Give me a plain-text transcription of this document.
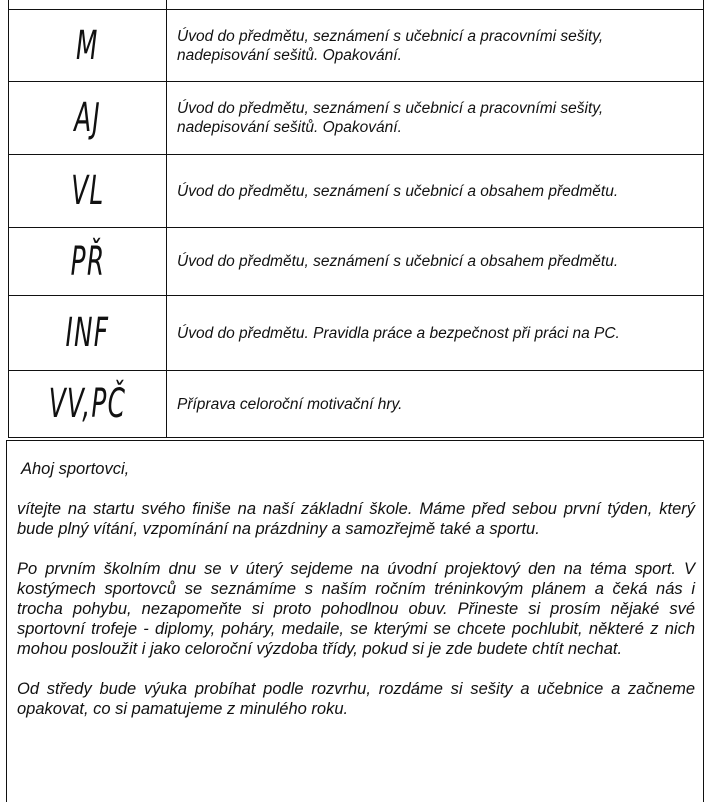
M	Úvod do předmětu, seznámení s učebnicí a pracovními sešity, nadepisování sešitů. Opakování.
AJ	Úvod do předmětu, seznámení s učebnicí a pracovními sešity, nadepisování sešitů. Opakování.
VL	Úvod do předmětu, seznámení s učebnicí a obsahem předmětu.
PŘ	Úvod do předmětu, seznámení s učebnicí a obsahem předmětu.
INF	Úvod do předmětu. Pravidla práce a bezpečnost při práci na PC.
VV,PČ	Příprava celoroční motivační hry.

Ahoj sportovci,

vítejte na startu svého finiše na naší základní škole. Máme před sebou první týden, který bude plný vítání, vzpomínání na prázdniny a samozřejmě také a sportu.

Po prvním školním dnu se v úterý sejdeme na úvodní projektový den na téma sport. V kostýmech sportovců se seznámíme s naším ročním tréninkovým plánem a čeká nás i trocha pohybu, nezapomeňte si proto pohodlnou obuv. Přineste si prosím nějaké své sportovní trofeje - diplomy, poháry, medaile, se kterými se chcete pochlubit, některé z nich mohou posloužit i jako celoroční výzdoba třídy, pokud si je zde budete chtít nechat.

Od středy bude výuka probíhat podle rozvrhu, rozdáme si sešity a učebnice a začneme opakovat, co si pamatujeme z minulého roku.
